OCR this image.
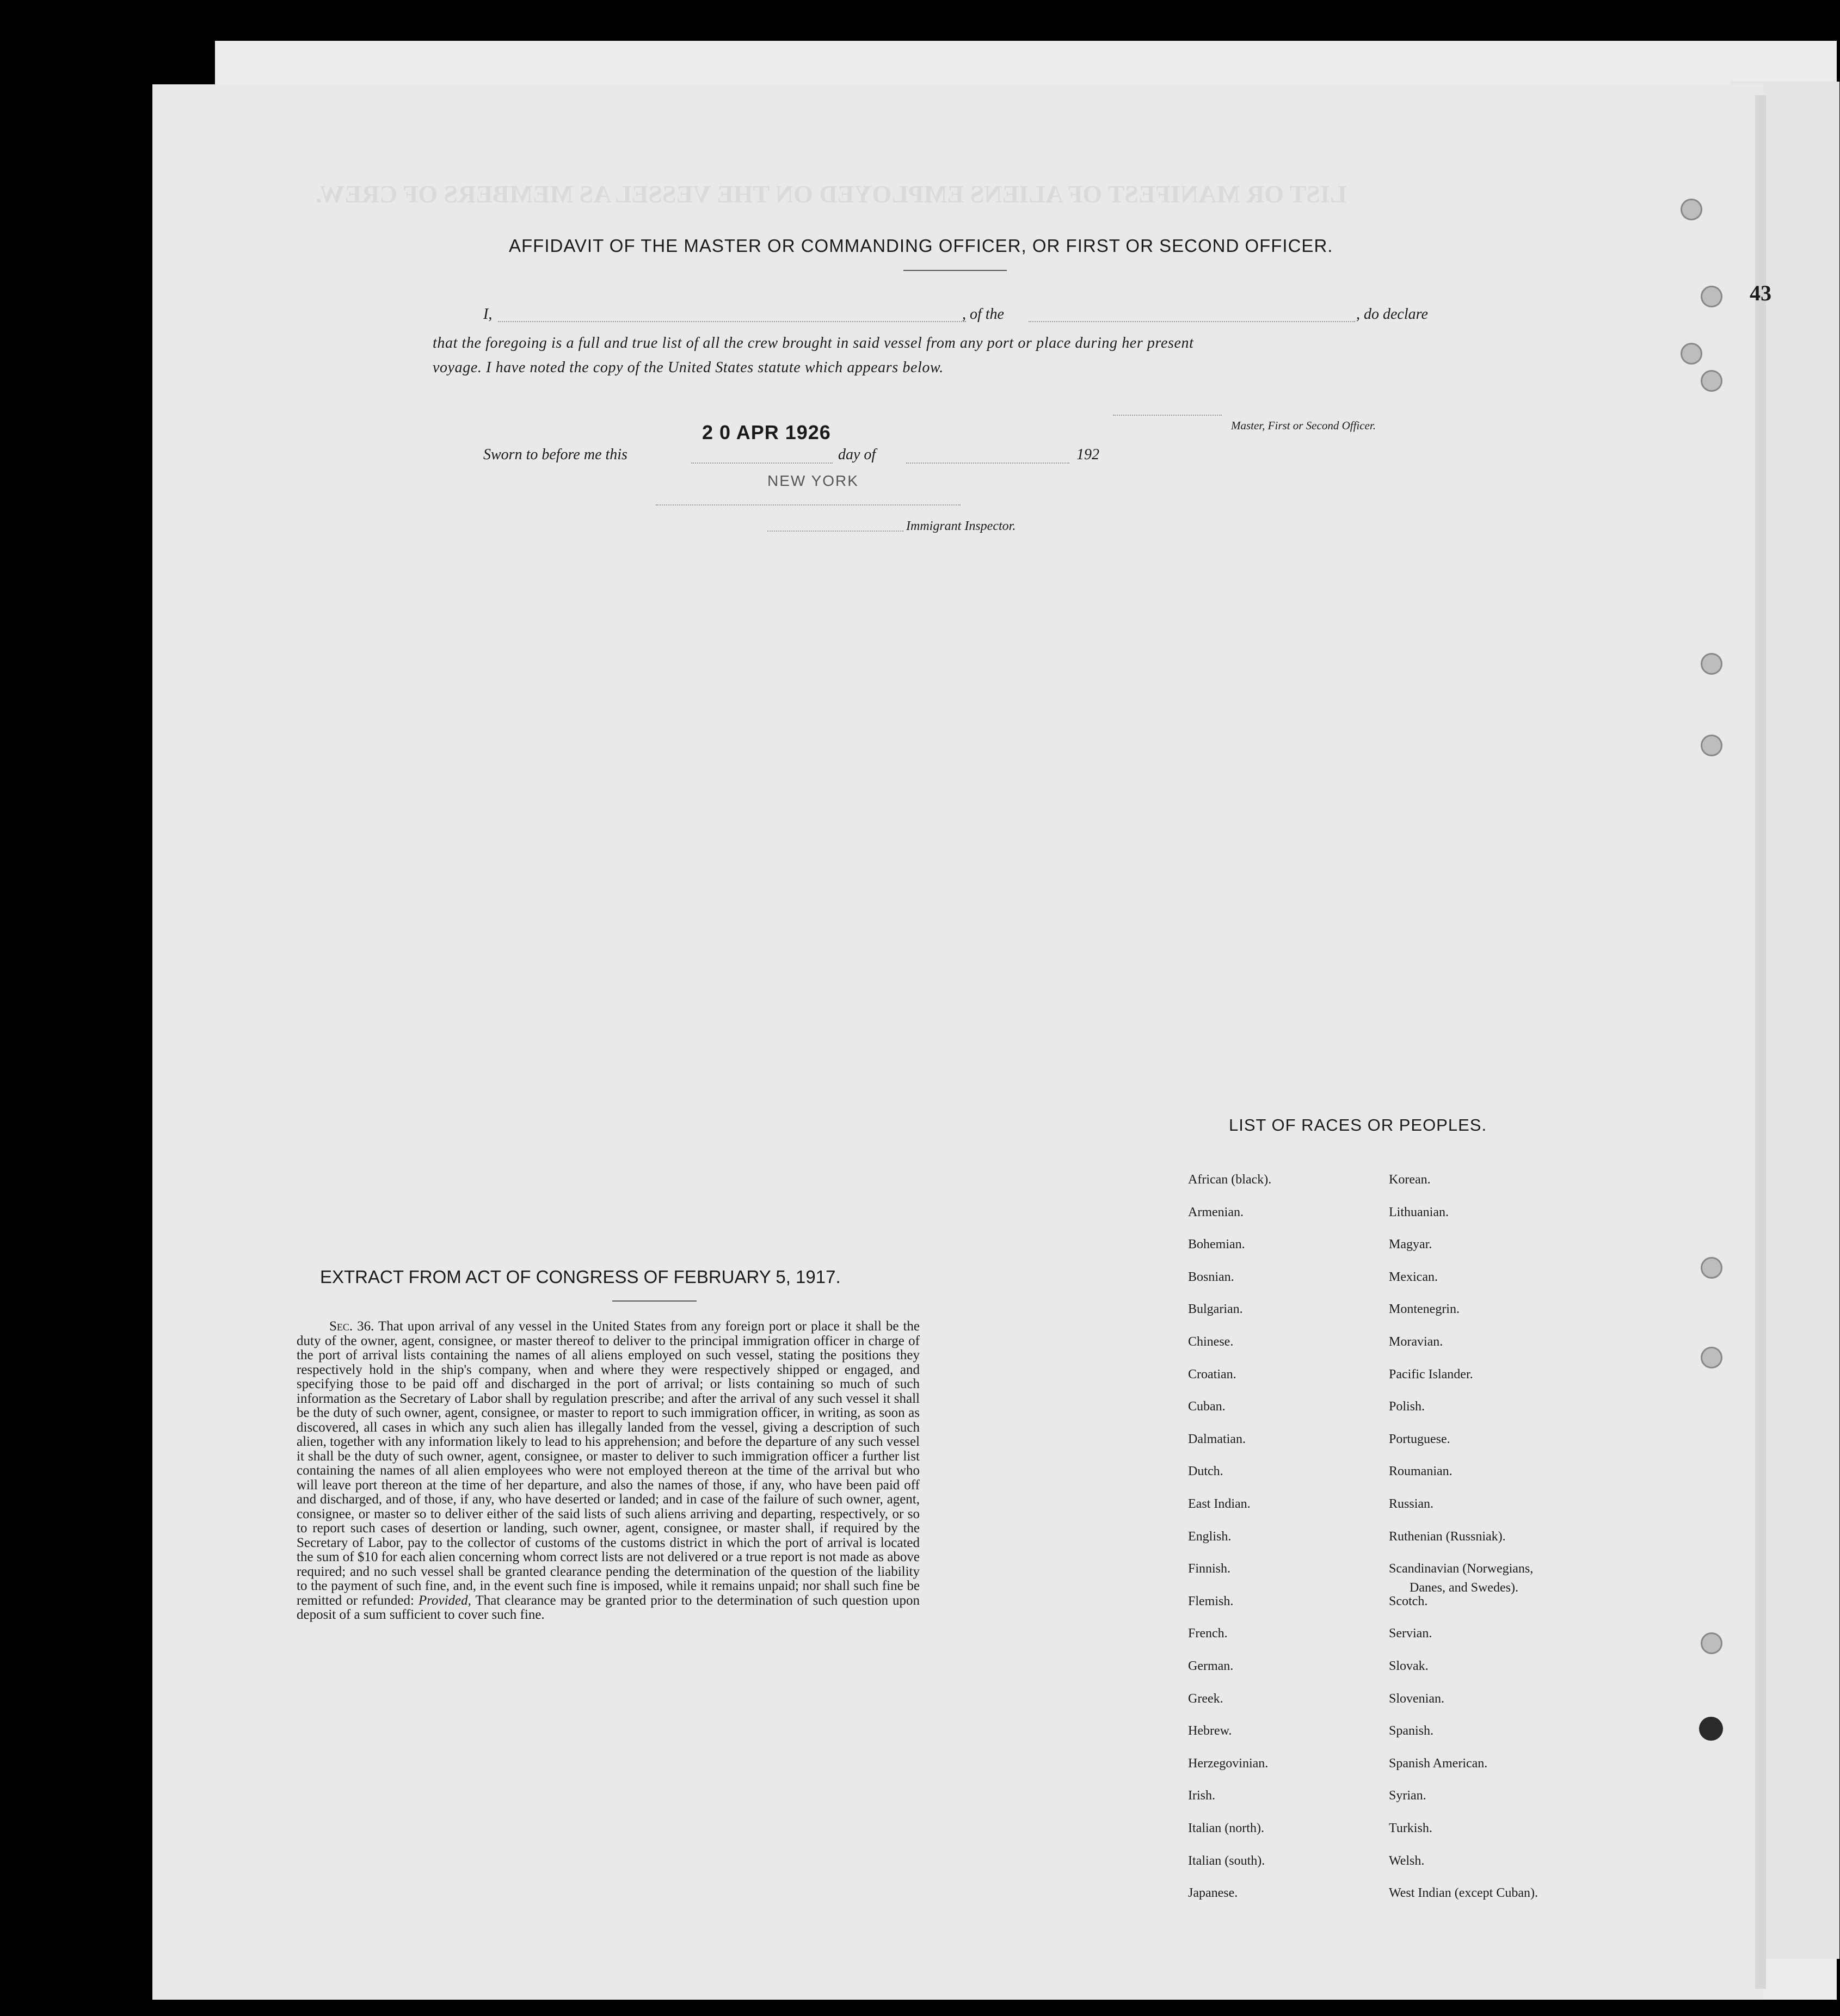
LIST OR MANIFEST OF ALIENS EMPLOYED ON THE VESSEL AS MEMBERS OF CREW.
43
AFFIDAVIT OF THE MASTER OR COMMANDING OFFICER, OR FIRST OR SECOND OFFICER.
I,	, of the	, do declare
that the foregoing is a full and true list of all the crew brought in said vessel from any port or place during her present
voyage. I have noted the copy of the United States statute which appears below.
Master, First or Second Officer.
Sworn to before me this
2 0 APR 1926
day of	192
NEW YORK
Immigrant Inspector.
EXTRACT FROM ACT OF CONGRESS OF FEBRUARY 5, 1917.
Sec. 36. That upon arrival of any vessel in the United States from any foreign port or place it shall be the duty of the owner, agent, consignee, or master thereof to deliver to the principal immigration officer in charge of the port of arrival lists containing the names of all aliens employed on such vessel, stating the positions they respectively hold in the ship's company, when and where they were respectively shipped or engaged, and specifying those to be paid off and discharged in the port of arrival; or lists containing so much of such information as the Secretary of Labor shall by regulation prescribe; and after the arrival of any such vessel it shall be the duty of such owner, agent, consignee, or master to report to such immigration officer, in writing, as soon as discovered, all cases in which any such alien has illegally landed from the vessel, giving a description of such alien, together with any information likely to lead to his apprehension; and before the departure of any such vessel it shall be the duty of such owner, agent, consignee, or master to deliver to such immigration officer a further list containing the names of all alien employees who were not employed thereon at the time of the arrival but who will leave port thereon at the time of her departure, and also the names of those, if any, who have been paid off and discharged, and of those, if any, who have deserted or landed; and in case of the failure of such owner, agent, consignee, or master so to deliver either of the said lists of such aliens arriving and departing, respectively, or so to report such cases of desertion or landing, such owner, agent, consignee, or master shall, if required by the Secretary of Labor, pay to the collector of customs of the customs district in which the port of arrival is located the sum of $10 for each alien concerning whom correct lists are not delivered or a true report is not made as above required; and no such vessel shall be granted clearance pending the determination of the question of the liability to the payment of such fine, and, in the event such fine is imposed, while it remains unpaid; nor shall such fine be remitted or refunded: Provided, That clearance may be granted prior to the determination of such question upon deposit of a sum sufficient to cover such fine.
LIST OF RACES OR PEOPLES.
African (black).
Armenian.
Bohemian.
Bosnian.
Bulgarian.
Chinese.
Croatian.
Cuban.
Dalmatian.
Dutch.
East Indian.
English.
Finnish.
Flemish.
French.
German.
Greek.
Hebrew.
Herzegovinian.
Irish.
Italian (north).
Italian (south).
Japanese.
Korean.
Lithuanian.
Magyar.
Mexican.
Montenegrin.
Moravian.
Pacific Islander.
Polish.
Portuguese.
Roumanian.
Russian.
Ruthenian (Russniak).
Scandinavian (Norwegians,
Scotch.
Servian.
Slovak.
Slovenian.
Spanish.
Spanish American.
Syrian.
Turkish.
Welsh.
West Indian (except Cuban).
Danes, and Swedes).
